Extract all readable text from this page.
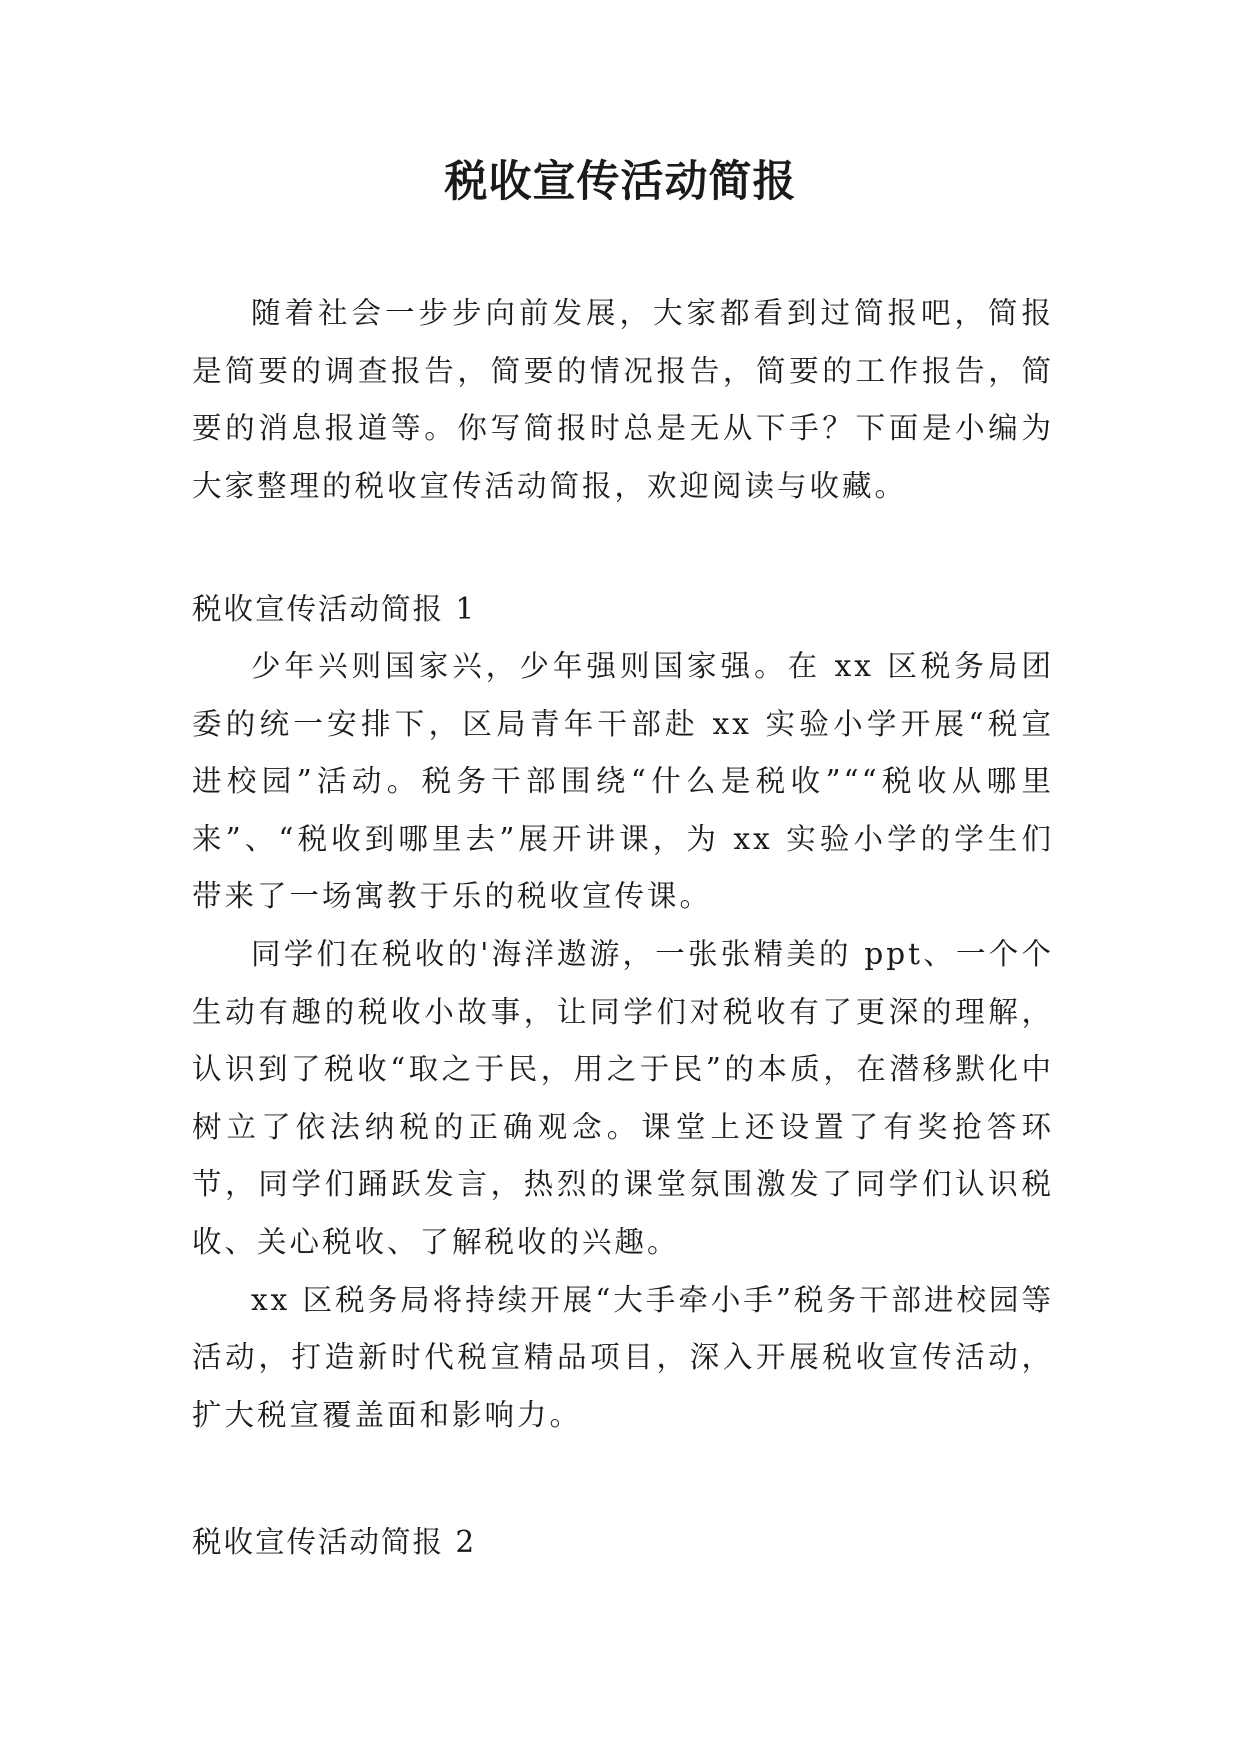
税收宣传活动简报

随着社会一步步向前发展，大家都看到过简报吧，简报是简要的调查报告，简要的情况报告，简要的工作报告，简要的消息报道等。你写简报时总是无从下手？下面是小编为大家整理的税收宣传活动简报，欢迎阅读与收藏。

税收宣传活动简报 1

少年兴则国家兴，少年强则国家强。在 xx 区税务局团委的统一安排下，区局青年干部赴 xx 实验小学开展“税宣进校园”活动。税务干部围绕“什么是税收”““税收从哪里来”、“税收到哪里去”展开讲课，为 xx 实验小学的学生们带来了一场寓教于乐的税收宣传课。

同学们在税收的'海洋遨游，一张张精美的 ppt、一个个生动有趣的税收小故事，让同学们对税收有了更深的理解，认识到了税收“取之于民，用之于民”的本质，在潜移默化中树立了依法纳税的正确观念。课堂上还设置了有奖抢答环节，同学们踊跃发言，热烈的课堂氛围激发了同学们认识税收、关心税收、了解税收的兴趣。

xx 区税务局将持续开展“大手牵小手”税务干部进校园等活动，打造新时代税宣精品项目，深入开展税收宣传活动，扩大税宣覆盖面和影响力。

税收宣传活动简报 2
